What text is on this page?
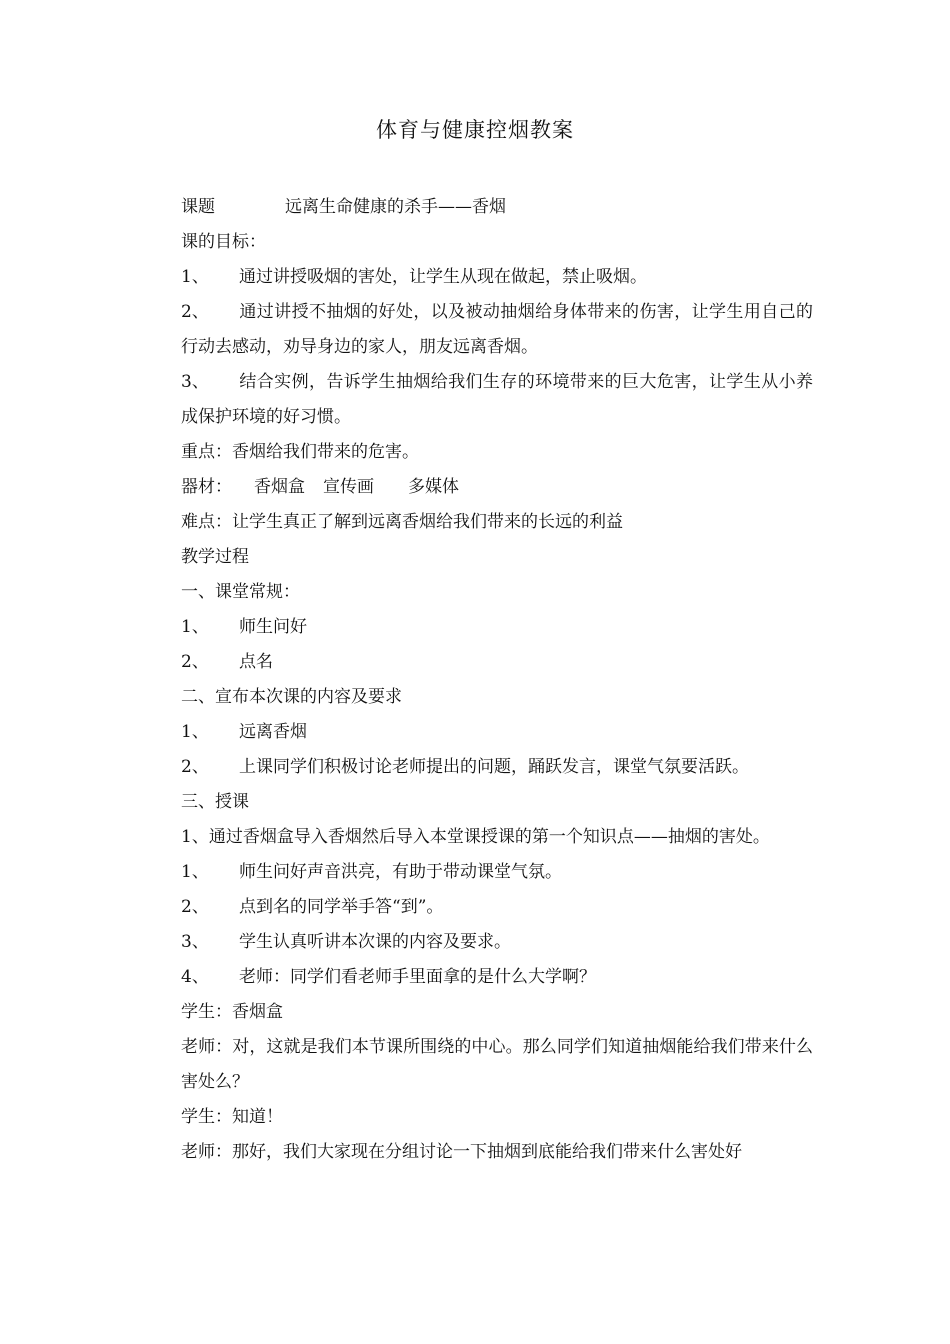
体育与健康控烟教案
课题	远离生命健康的杀手——香烟
课的目标：
1、 通过讲授吸烟的害处，让学生从现在做起，禁止吸烟。
2、 通过讲授不抽烟的好处，以及被动抽烟给身体带来的伤害，让学生用自己的行动去感动，劝导身边的家人，朋友远离香烟。
3、 结合实例，告诉学生抽烟给我们生存的环境带来的巨大危害，让学生从小养成保护环境的好习惯。
重点：香烟给我们带来的危害。
器材： 香烟盒 宣传画 多媒体
难点：让学生真正了解到远离香烟给我们带来的长远的利益
教学过程
一、课堂常规：
1、 师生问好
2、 点名
二、宣布本次课的内容及要求
1、 远离香烟
2、 上课同学们积极讨论老师提出的问题，踊跃发言，课堂气氛要活跃。
三、授课
1、通过香烟盒导入香烟然后导入本堂课授课的第一个知识点——抽烟的害处。
1、 师生问好声音洪亮，有助于带动课堂气氛。
2、 点到名的同学举手答“到”。
3、 学生认真听讲本次课的内容及要求。
4、 老师：同学们看老师手里面拿的是什么大学啊？
学生：香烟盒
老师：对，这就是我们本节课所围绕的中心。那么同学们知道抽烟能给我们带来什么害处么？
学生：知道！
老师：那好，我们大家现在分组讨论一下抽烟到底能给我们带来什么害处好
